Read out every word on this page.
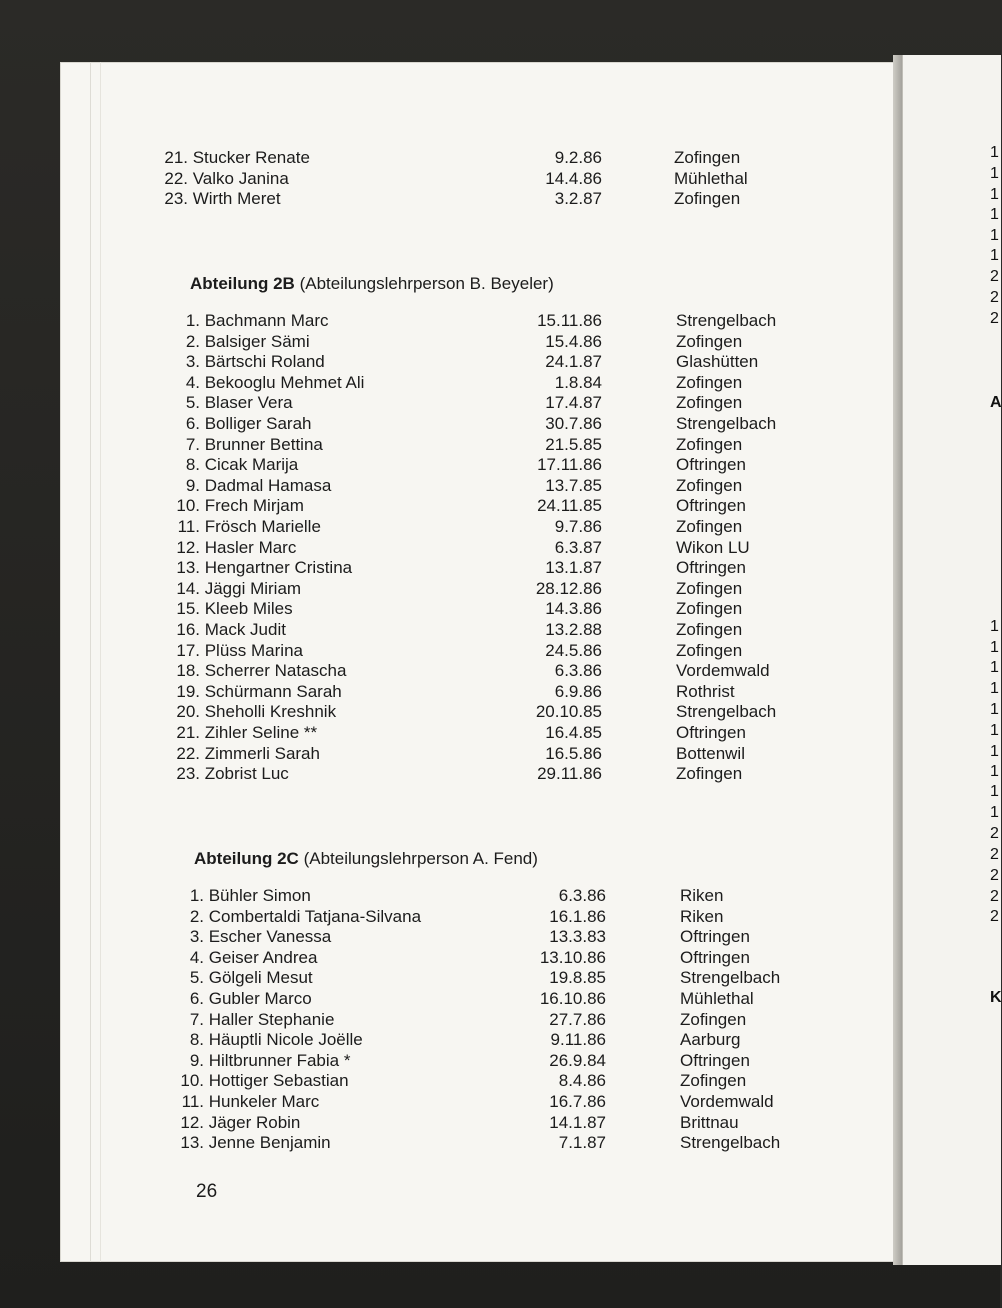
21. Stucker Renate	9.2.86	Zofingen
22. Valko Janina	14.4.86	Mühlethal
23. Wirth Meret	3.2.87	Zofingen
Abteilung 2B (Abteilungslehrperson B. Beyeler)
1. Bachmann Marc	15.11.86	Strengelbach
2. Balsiger Sämi	15.4.86	Zofingen
3. Bärtschi Roland	24.1.87	Glashütten
4. Bekooglu Mehmet Ali	1.8.84	Zofingen
5. Blaser Vera	17.4.87	Zofingen
6. Bolliger Sarah	30.7.86	Strengelbach
7. Brunner Bettina	21.5.85	Zofingen
8. Cicak Marija	17.11.86	Oftringen
9. Dadmal Hamasa	13.7.85	Zofingen
10. Frech Mirjam	24.11.85	Oftringen
11. Frösch Marielle	9.7.86	Zofingen
12. Hasler Marc	6.3.87	Wikon LU
13. Hengartner Cristina	13.1.87	Oftringen
14. Jäggi Miriam	28.12.86	Zofingen
15. Kleeb Miles	14.3.86	Zofingen
16. Mack Judit	13.2.88	Zofingen
17. Plüss Marina	24.5.86	Zofingen
18. Scherrer Natascha	6.3.86	Vordemwald
19. Schürmann Sarah	6.9.86	Rothrist
20. Sheholli Kreshnik	20.10.85	Strengelbach
21. Zihler Seline **	16.4.85	Oftringen
22. Zimmerli Sarah	16.5.86	Bottenwil
23. Zobrist Luc	29.11.86	Zofingen
Abteilung 2C (Abteilungslehrperson A. Fend)
1. Bühler Simon	6.3.86	Riken
2. Combertaldi Tatjana-Silvana	16.1.86	Riken
3. Escher Vanessa	13.3.83	Oftringen
4. Geiser Andrea	13.10.86	Oftringen
5. Gölgeli Mesut	19.8.85	Strengelbach
6. Gubler Marco	16.10.86	Mühlethal
7. Haller Stephanie	27.7.86	Zofingen
8. Häuptli Nicole Joëlle	9.11.86	Aarburg
9. Hiltbrunner Fabia *	26.9.84	Oftringen
10. Hottiger Sebastian	8.4.86	Zofingen
11. Hunkeler Marc	16.7.86	Vordemwald
12. Jäger Robin	14.1.87	Brittnau
13. Jenne Benjamin	7.1.87	Strengelbach
26
1
1
1
1
1
1
2
2
2
A
1
1
1
1
1
1
1
1
1
1
2
2
2
2
2
K
